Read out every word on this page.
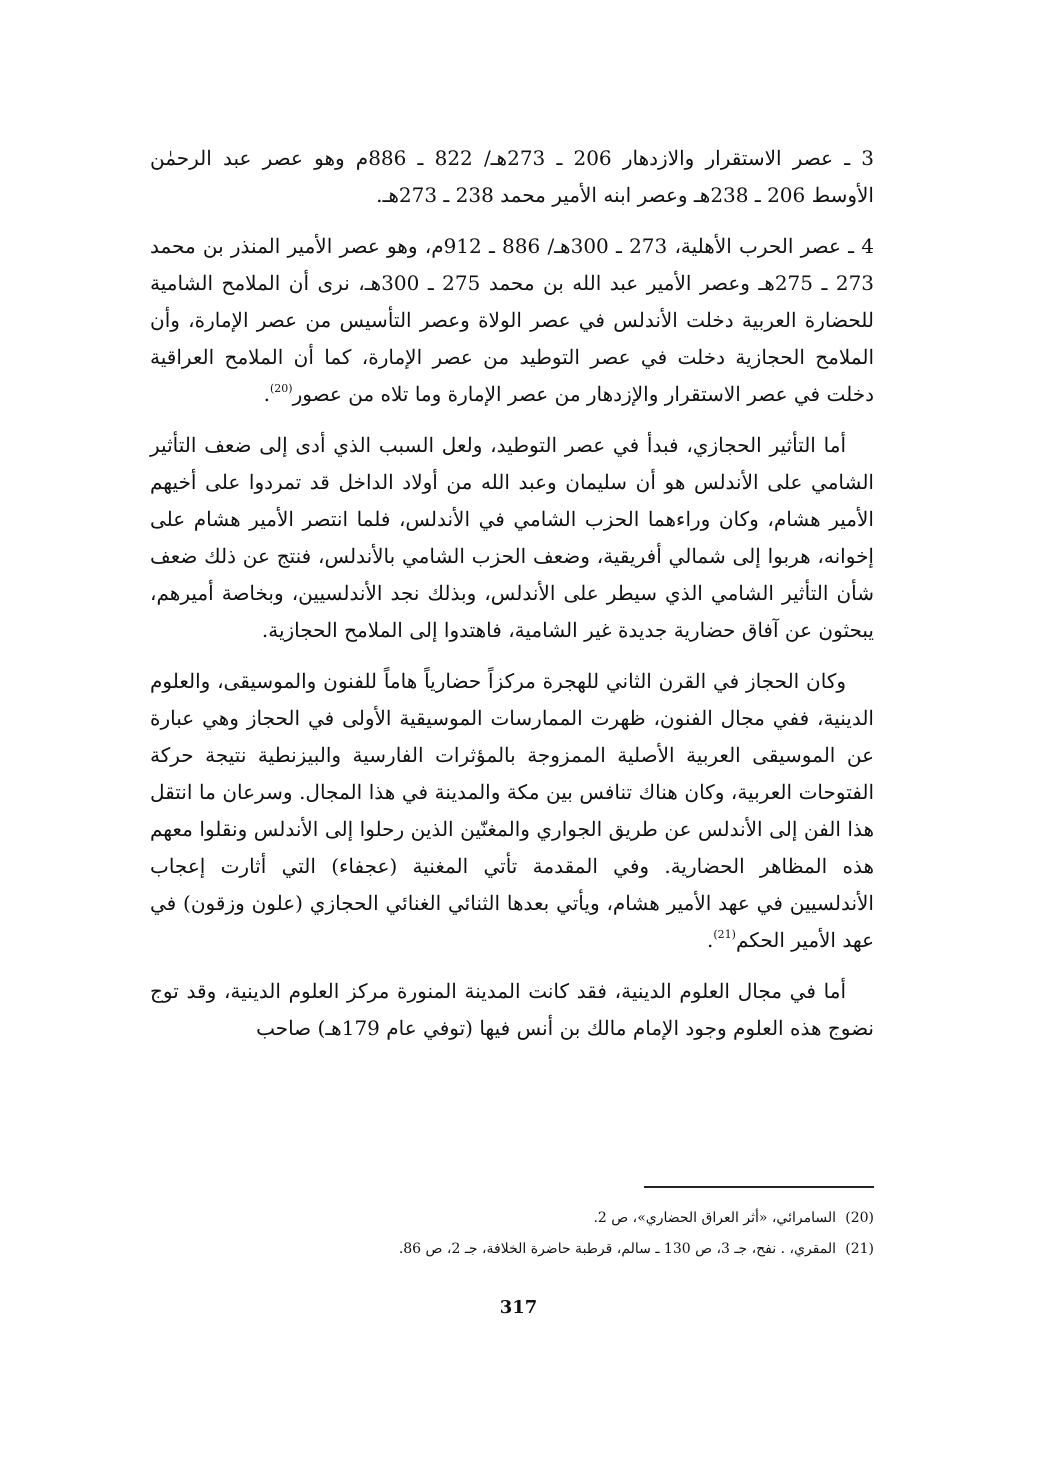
3 ـ عصر الاستقرار والازدهار 206 ـ 273هـ/ 822 ـ 886م وهو عصر عبد الرحمٰن الأوسط 206 ـ 238هـ وعصر ابنه الأمير محمد 238 ـ 273هـ.

4 ـ عصر الحرب الأهلية، 273 ـ 300هـ/ 886 ـ 912م، وهو عصر الأمير المنذر بن محمد 273 ـ 275هـ وعصر الأمير عبد الله بن محمد 275 ـ 300هـ، نرى أن الملامح الشامية للحضارة العربية دخلت الأندلس في عصر الولاة وعصر التأسيس من عصر الإمارة، وأن الملامح الحجازية دخلت في عصر التوطيد من عصر الإمارة، كما أن الملامح العراقية دخلت في عصر الاستقرار والإزدهار من عصر الإمارة وما تلاه من عصور$^{(20)}$.

أما التأثير الحجازي، فبدأ في عصر التوطيد، ولعل السبب الذي أدى إلى ضعف التأثير الشامي على الأندلس هو أن سليمان وعبد الله من أولاد الداخل قد تمردوا على أخيهم الأمير هشام، وكان وراءهما الحزب الشامي في الأندلس، فلما انتصر الأمير هشام على إخوانه، هربوا إلى شمالي أفريقية، وضعف الحزب الشامي بالأندلس، فنتج عن ذلك ضعف شأن التأثير الشامي الذي سيطر على الأندلس، وبذلك نجد الأندلسيين، وبخاصة أميرهم، يبحثون عن آفاق حضارية جديدة غير الشامية، فاهتدوا إلى الملامح الحجازية.

وكان الحجاز في القرن الثاني للهجرة مركزاً حضارياً هاماً للفنون والموسيقى، والعلوم الدينية، ففي مجال الفنون، ظهرت الممارسات الموسيقية الأولى في الحجاز وهي عبارة عن الموسيقى العربية الأصلية الممزوجة بالمؤثرات الفارسية والبيزنطية نتيجة حركة الفتوحات العربية، وكان هناك تنافس بين مكة والمدينة في هذا المجال. وسرعان ما انتقل هذا الفن إلى الأندلس عن طريق الجواري والمغنّين الذين رحلوا إلى الأندلس ونقلوا معهم هذه المظاهر الحضارية. وفي المقدمة تأتي المغنية (عجفاء) التي أثارت إعجاب الأندلسيين في عهد الأمير هشام، ويأتي بعدها الثنائي الغنائي الحجازي (علون وزقون) في عهد الأمير الحكم$^{(21)}$.

أما في مجال العلوم الدينية، فقد كانت المدينة المنورة مركز العلوم الدينية، وقد توج نضوج هذه العلوم وجود الإمام مالك بن أنس فيها (توفي عام 179هـ) صاحب

(20)السامرائي، «أثر العراق الحضاري»، ص 2.

(21)المقري، . نفح، جـ 3، ص 130 ـ سالم، قرطبة حاضرة الخلافة، جـ 2، ص 86.

317
